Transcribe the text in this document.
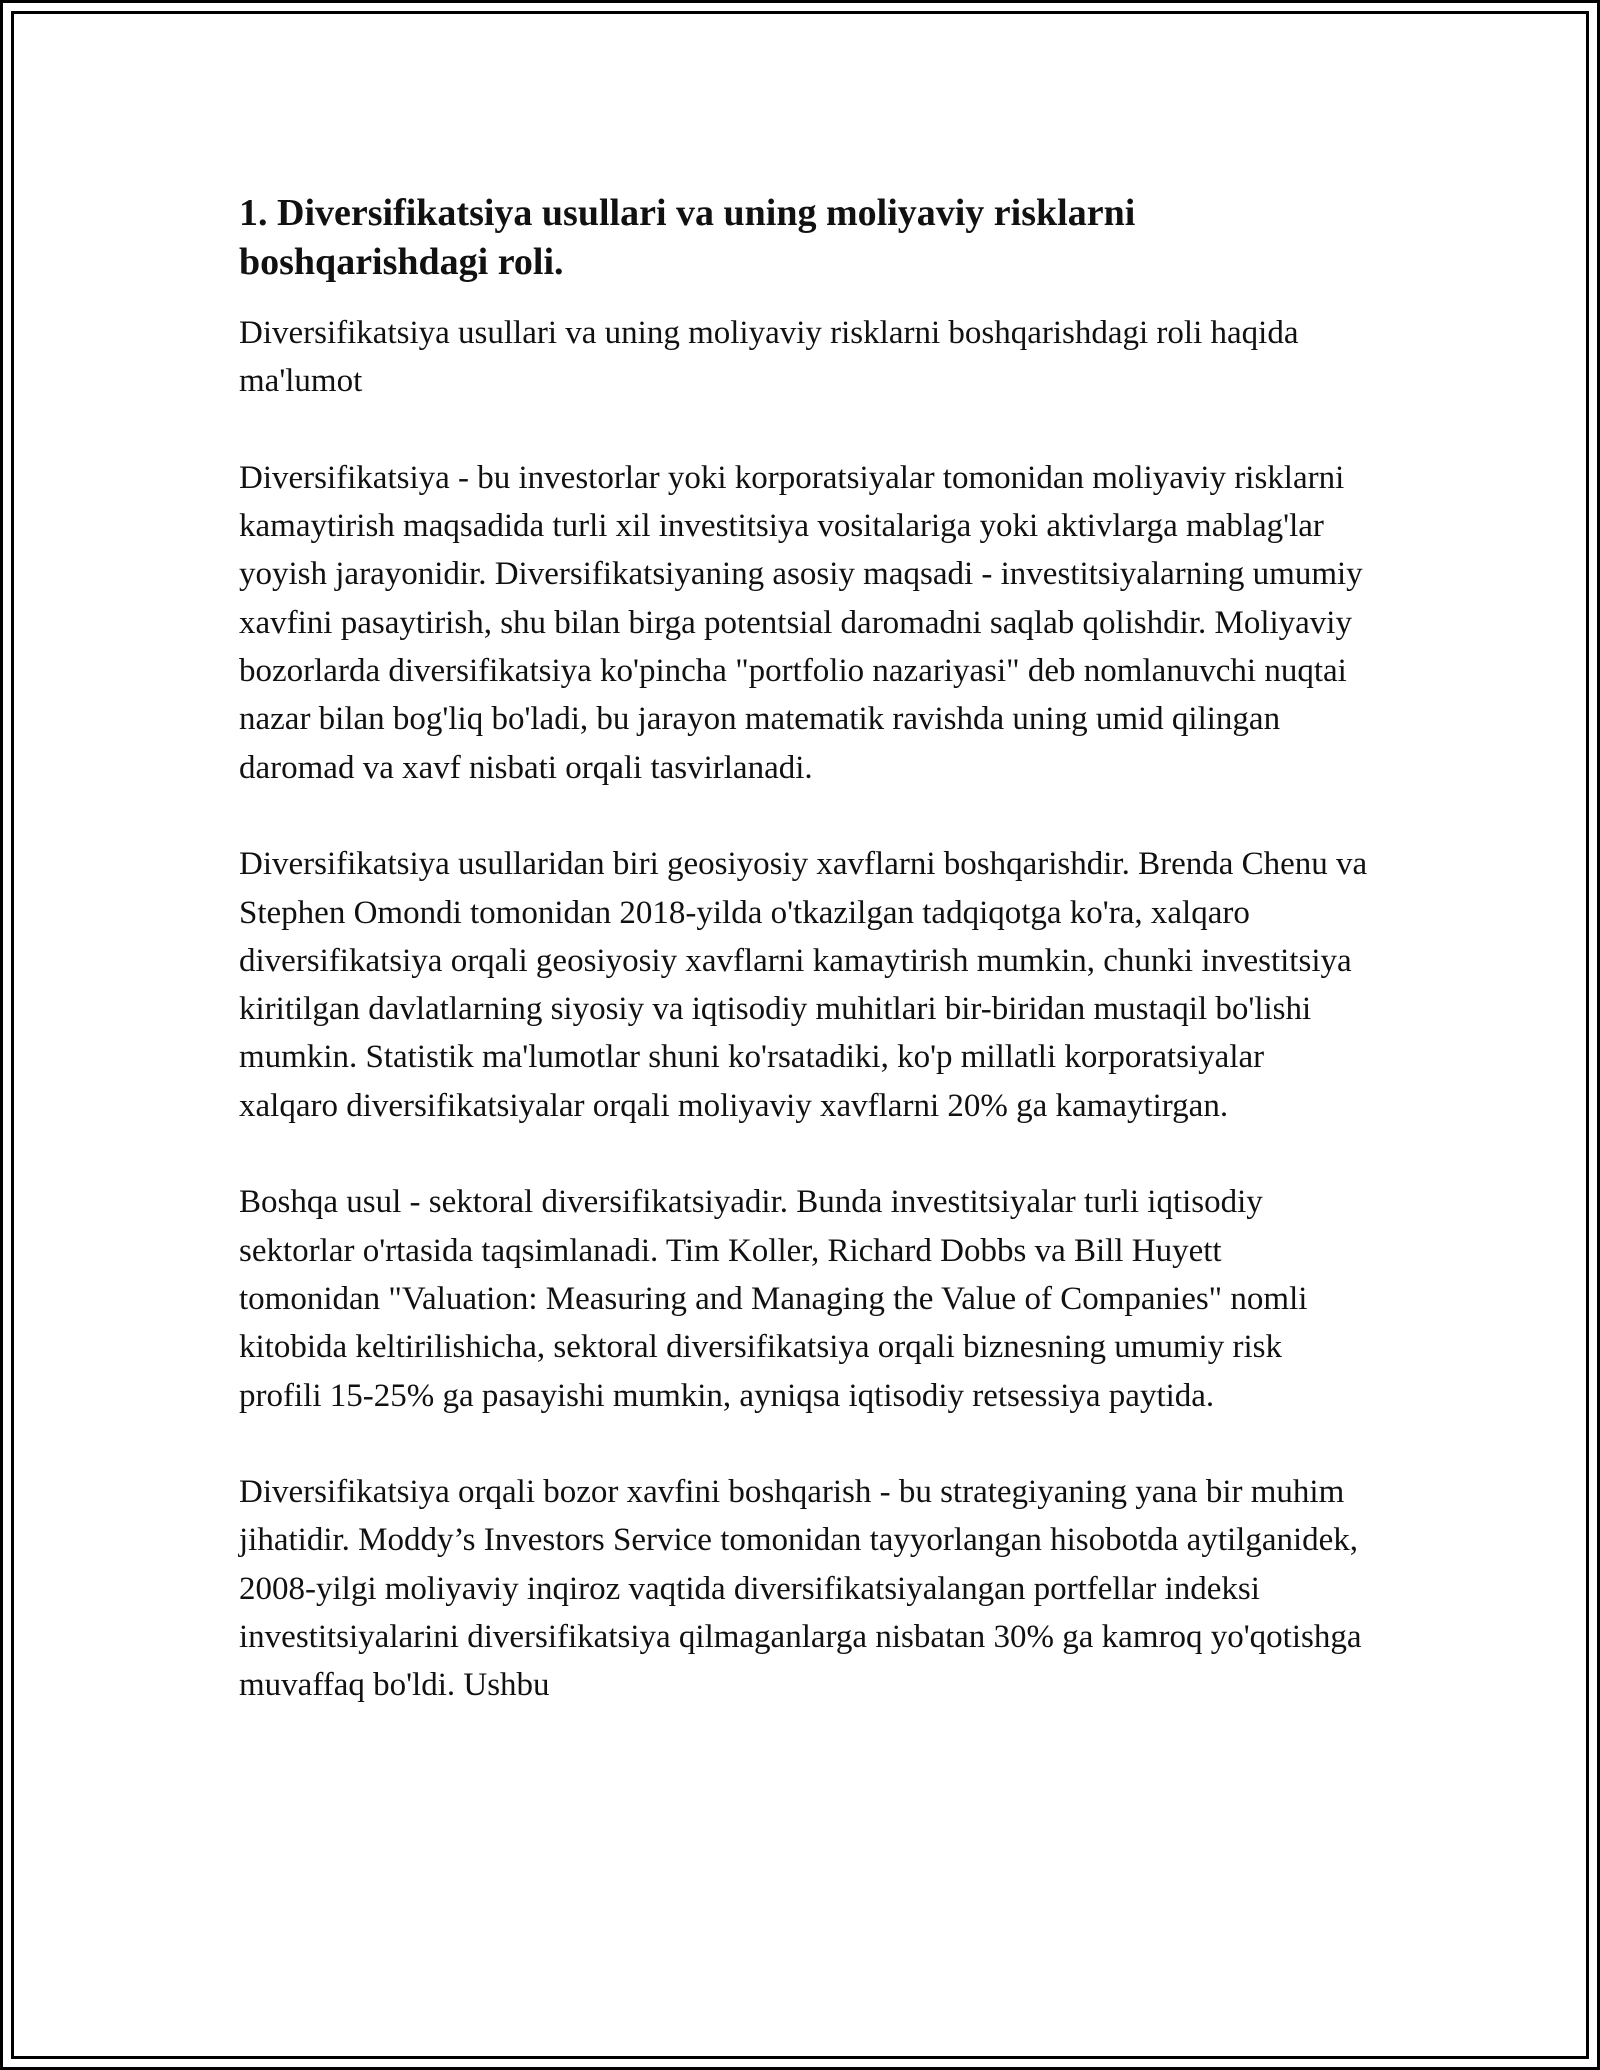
1. Diversifikatsiya usullari va uning moliyaviy risklarni boshqarishdagi roli.
Diversifikatsiya usullari va uning moliyaviy risklarni boshqarishdagi roli haqida ma'lumot
Diversifikatsiya - bu investorlar yoki korporatsiyalar tomonidan moliyaviy risklarni kamaytirish maqsadida turli xil investitsiya vositalariga yoki aktivlarga mablag'lar yoyish jarayonidir. Diversifikatsiyaning asosiy maqsadi - investitsiyalarning umumiy xavfini pasaytirish, shu bilan birga potentsial daromadni saqlab qolishdir. Moliyaviy bozorlarda diversifikatsiya ko'pincha "portfolio nazariyasi" deb nomlanuvchi nuqtai nazar bilan bog'liq bo'ladi, bu jarayon matematik ravishda uning umid qilingan daromad va xavf nisbati orqali tasvirlanadi.
Diversifikatsiya usullaridan biri geosiyosiy xavflarni boshqarishdir. Brenda Chenu va Stephen Omondi tomonidan 2018-yilda o'tkazilgan tadqiqotga ko'ra, xalqaro diversifikatsiya orqali geosiyosiy xavflarni kamaytirish mumkin, chunki investitsiya kiritilgan davlatlarning siyosiy va iqtisodiy muhitlari bir-biridan mustaqil bo'lishi mumkin. Statistik ma'lumotlar shuni ko'rsatadiki, ko'p millatli korporatsiyalar xalqaro diversifikatsiyalar orqali moliyaviy xavflarni 20% ga kamaytirgan.
Boshqa usul - sektoral diversifikatsiyadir. Bunda investitsiyalar turli iqtisodiy sektorlar o'rtasida taqsimlanadi. Tim Koller, Richard Dobbs va Bill Huyett tomonidan "Valuation: Measuring and Managing the Value of Companies" nomli kitobida keltirilishicha, sektoral diversifikatsiya orqali biznesning umumiy risk profili 15-25% ga pasayishi mumkin, ayniqsa iqtisodiy retsessiya paytida.
Diversifikatsiya orqali bozor xavfini boshqarish - bu strategiyaning yana bir muhim jihatidir. Moddy’s Investors Service tomonidan tayyorlangan hisobotda aytilganidek, 2008-yilgi moliyaviy inqiroz vaqtida diversifikatsiyalangan portfellar indeksi investitsiyalarini diversifikatsiya qilmaganlarga nisbatan 30% ga kamroq yo'qotishga muvaffaq bo'ldi. Ushbu
